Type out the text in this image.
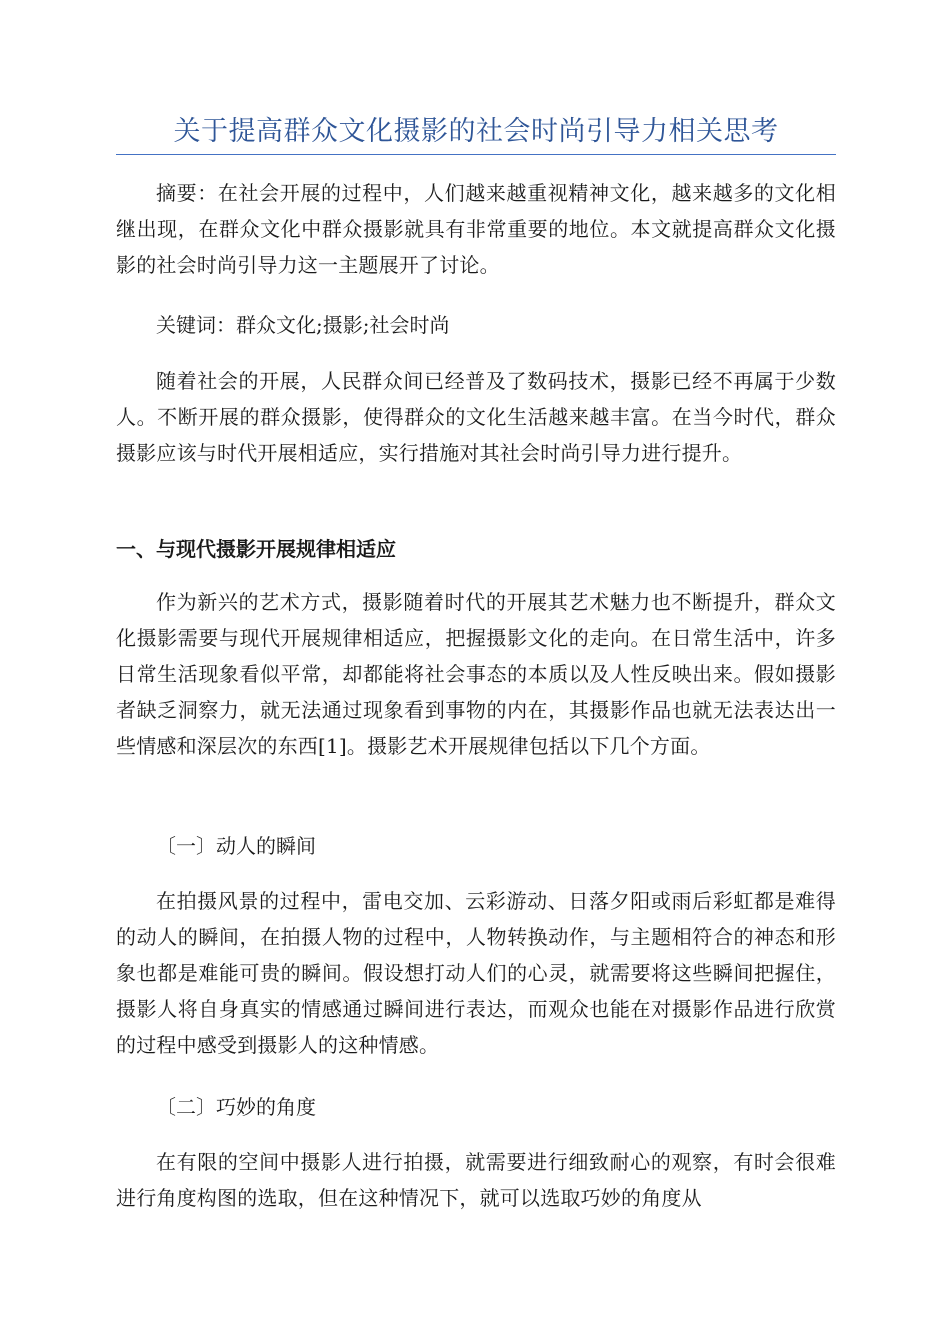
关于提高群众文化摄影的社会时尚引导力相关思考

摘要：在社会开展的过程中，人们越来越重视精神文化，越来越多的文化相继出现，在群众文化中群众摄影就具有非常重要的地位。本文就提高群众文化摄影的社会时尚引导力这一主题展开了讨论。

关键词：群众文化;摄影;社会时尚

随着社会的开展，人民群众间已经普及了数码技术，摄影已经不再属于少数人。不断开展的群众摄影，使得群众的文化生活越来越丰富。在当今时代，群众摄影应该与时代开展相适应，实行措施对其社会时尚引导力进行提升。

一、与现代摄影开展规律相适应

作为新兴的艺术方式，摄影随着时代的开展其艺术魅力也不断提升，群众文化摄影需要与现代开展规律相适应，把握摄影文化的走向。在日常生活中，许多日常生活现象看似平常，却都能将社会事态的本质以及人性反映出来。假如摄影者缺乏洞察力，就无法通过现象看到事物的内在，其摄影作品也就无法表达出一些情感和深层次的东西[1]。摄影艺术开展规律包括以下几个方面。

〔一〕动人的瞬间

在拍摄风景的过程中，雷电交加、云彩游动、日落夕阳或雨后彩虹都是难得的动人的瞬间，在拍摄人物的过程中，人物转换动作，与主题相符合的神态和形象也都是难能可贵的瞬间。假设想打动人们的心灵，就需要将这些瞬间把握住，摄影人将自身真实的情感通过瞬间进行表达，而观众也能在对摄影作品进行欣赏的过程中感受到摄影人的这种情感。

〔二〕巧妙的角度

在有限的空间中摄影人进行拍摄，就需要进行细致耐心的观察，有时会很难进行角度构图的选取，但在这种情况下，就可以选取巧妙的角度从
